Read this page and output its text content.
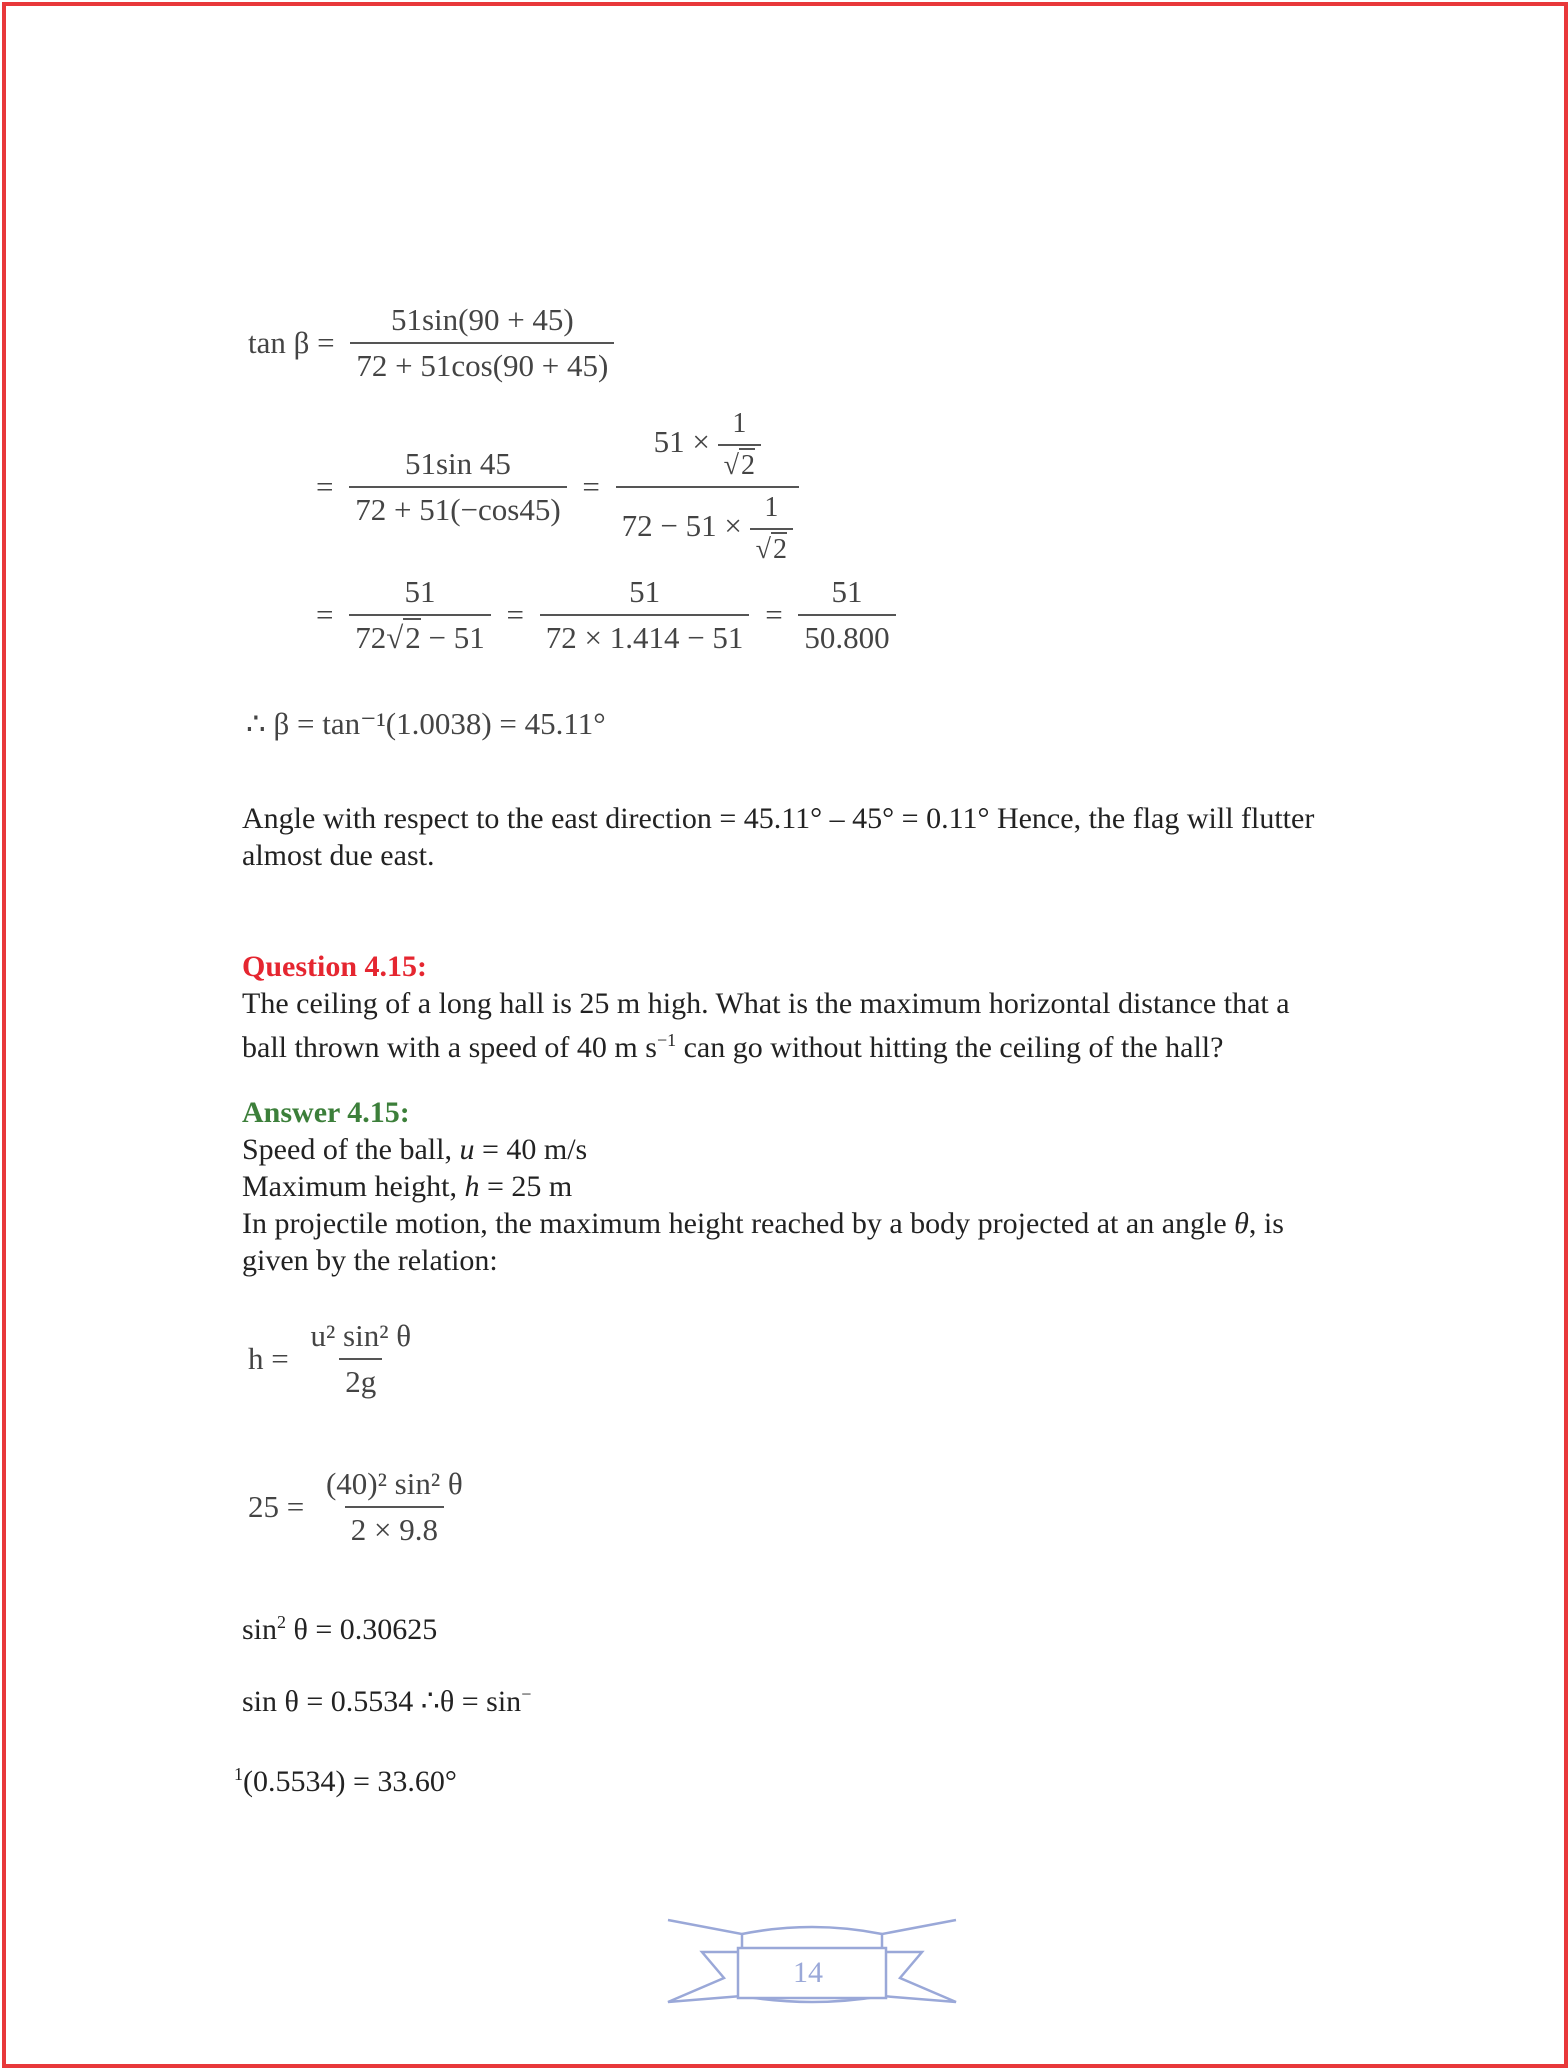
$\tan \beta = \frac{51\sin(90 + 45)}{72 + 51\cos(90 + 45)}$
= $\frac{51\sin 45}{72 + 51(-\cos 45)} = \frac{51 \times \frac{1}{√2}}{72 - 51 \times \frac{1}{√2}}$
= $\frac{51}{72√2 - 51} = \frac{51}{72 \times 1.414 - 51} = \frac{51}{50.800}$
∴ β = tan⁻¹(1.0038) = 45.11°
Angle with respect to the east direction = 45.11° – 45° = 0.11° Hence, the flag will flutter almost due east.
Question 4.15:
The ceiling of a long hall is 25 m high. What is the maximum horizontal distance that a
ball thrown with a speed of 40 m $s^{-1}$ can go without hitting the ceiling of the hall?
Answer 4.15:
Speed of the ball, u = 40 m/s
Maximum height, h = 25 m
In projectile motion, the maximum height reached by a body projected at an angle θ, is
given by the relation:
$h = \frac{\text{u² sin² θ}}{2g}$
$25 = \frac{\text{(40)² sin² θ}}{2 \times 9.8}$
$\sin^2 \theta = 0.30625$
sin θ = 0.5534 ∴θ = sin−
$^1$(0.5534) = 33.60°
14
